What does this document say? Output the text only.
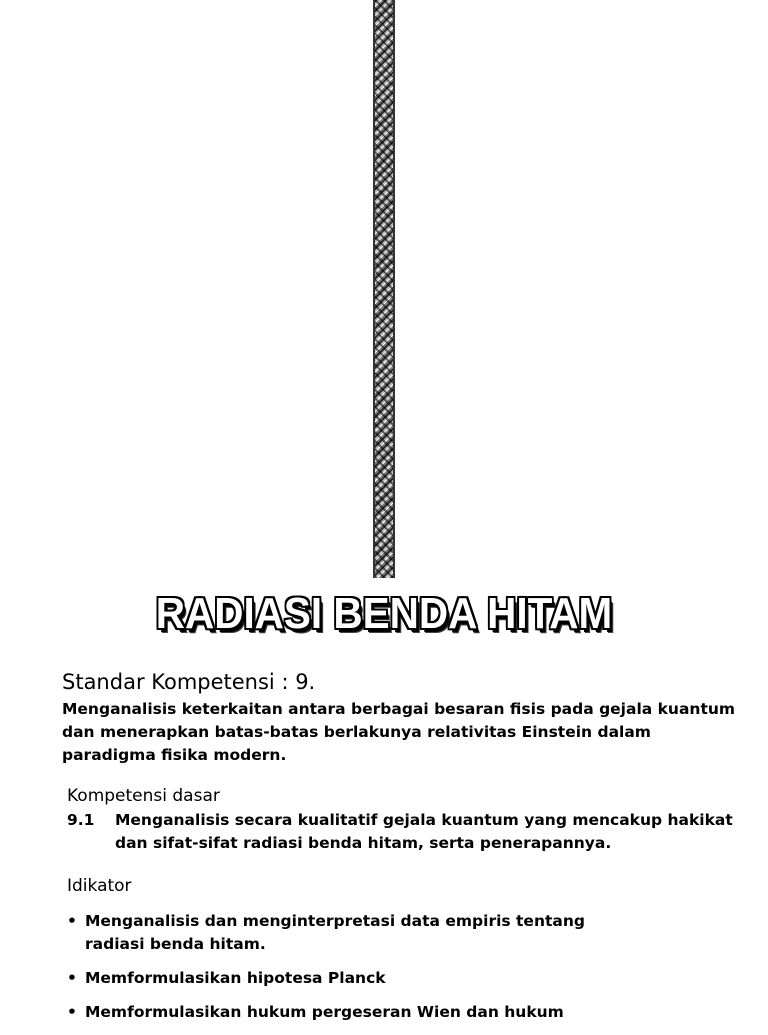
RADIASI BENDA HITAM
Standar Kompetensi : 9.
Menganalisis keterkaitan antara berbagai besaran fisis pada gejala kuantum dan menerapkan batas-batas berlakunya relativitas Einstein dalam paradigma fisika modern.
Kompetensi dasar
9.1	Menganalisis secara kualitatif gejala kuantum yang mencakup hakikat dan sifat-sifat radiasi benda hitam, serta penerapannya.
Idikator
• Menganalisis dan menginterpretasi data empiris tentang radiasi benda hitam.
• Memformulasikan hipotesa Planck
• Memformulasikan hukum pergeseran Wien dan hukum
